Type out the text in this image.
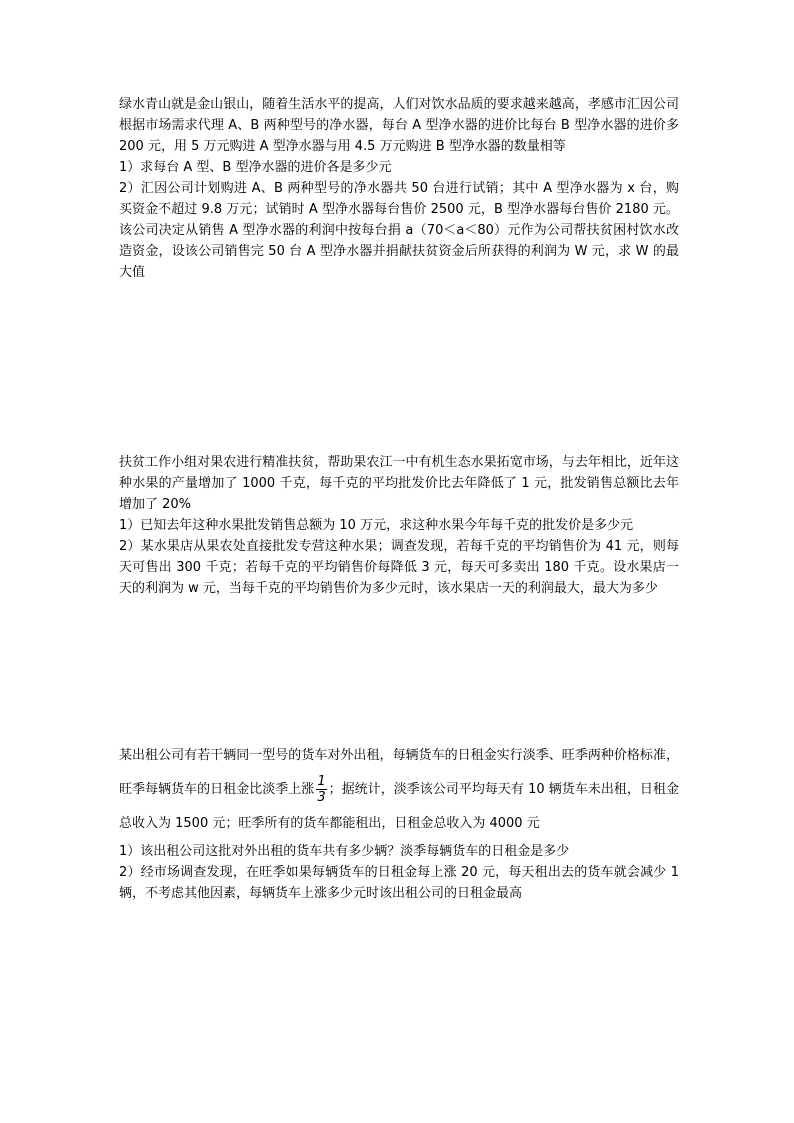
绿水青山就是金山银山，随着生活水平的提高，人们对饮水品质的要求越来越高，孝感市汇因公司根据市场需求代理 A、B 两种型号的净水器，每台 A 型净水器的进价比每台 B 型净水器的进价多 200 元，用 5 万元购进 A 型净水器与用 4.5 万元购进 B 型净水器的数量相等

1）求每台 A 型、B 型净水器的进价各是多少元

2）汇因公司计划购进 A、B 两种型号的净水器共 50 台进行试销；其中 A 型净水器为 x 台，购买资金不超过 9.8 万元；试销时 A 型净水器每台售价 2500 元，B 型净水器每台售价 2180 元。该公司决定从销售 A 型净水器的利润中按每台捐 a（70＜a＜80）元作为公司帮扶贫困村饮水改造资金，设该公司销售完 50 台 A 型净水器并捐献扶贫资金后所获得的利润为 W 元，求 W 的最大值

扶贫工作小组对果农进行精准扶贫，帮助果农江一中有机生态水果拓宽市场，与去年相比，近年这种水果的产量增加了 1000 千克，每千克的平均批发价比去年降低了 1 元，批发销售总额比去年增加了 20%

1）已知去年这种水果批发销售总额为 10 万元，求这种水果今年每千克的批发价是多少元

2）某水果店从果农处直接批发专营这种水果；调查发现，若每千克的平均销售价为 41 元，则每天可售出 300 千克；若每千克的平均销售价每降低 3 元，每天可多卖出 180 千克。设水果店一天的利润为 w 元，当每千克的平均销售价为多少元时，该水果店一天的利润最大，最大为多少

某出租公司有若干辆同一型号的货车对外出租，每辆货车的日租金实行淡季、旺季两种价格标准，旺季每辆货车的日租金比淡季上涨 $\frac{1}{3}$ ；据统计，淡季该公司平均每天有 10 辆货车未出租，日租金总收入为 1500 元；旺季所有的货车都能租出，日租金总收入为 4000 元

1）该出租公司这批对外出租的货车共有多少辆？淡季每辆货车的日租金是多少

2）经市场调查发现，在旺季如果每辆货车的日租金每上涨 20 元，每天租出去的货车就会减少 1 辆，不考虑其他因素，每辆货车上涨多少元时该出租公司的日租金最高
